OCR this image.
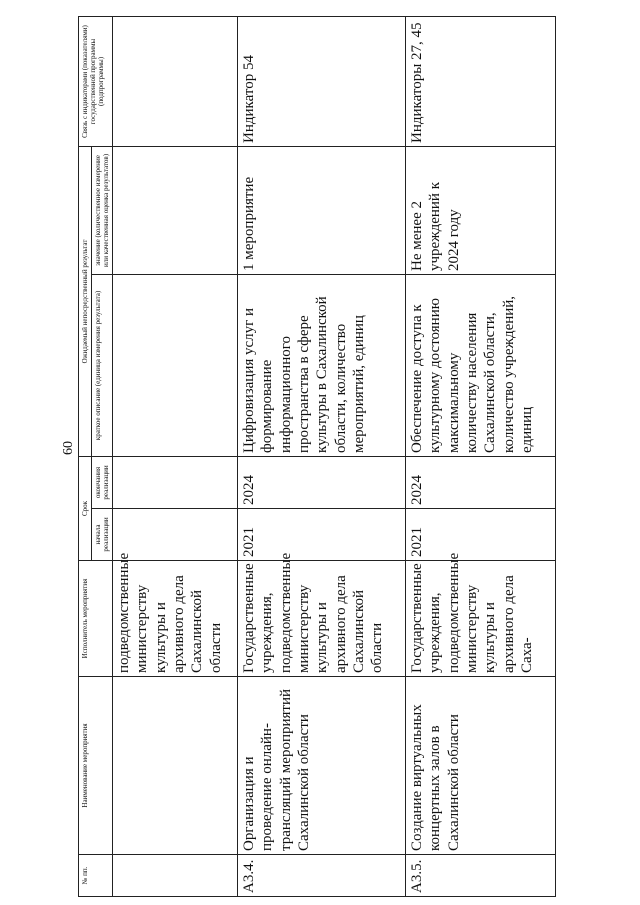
60
№ пп.	Наименование мероприятия	Исполнитель мероприятия	Срок		Ожидаемый непосредственный результат		Связь с индикаторами (показателями) государственной программы (подпрограммы)
			начала реализации	окончания реализации	краткое описание (единица измерения результата)	значение (количественное измерение или качественная оценка результатов)	
		подведомственные министерству культуры и архивного дела Сахалинской области					
А3.4.	Организация и проведение онлайн-трансляций мероприятий Сахалинской области	Государственные учреждения, подведомственные министерству культуры и архивного дела Сахалинской области	2021	2024	Цифровизация услуг и формирование информационного пространства в сфере культуры в Сахалинской области, количество мероприятий, единиц	1 мероприятие	Индикатор 54
А3.5.	Создание виртуальных концертных залов в Сахалинской области	Государственные учреждения, подведомственные министерству культуры и архивного дела Саха-	2021	2024	Обеспечение доступа к культурному достоянию максимальному количеству населения Сахалинской области, количество учреждений, единиц	Не менее 2 учреждений к 2024 году	Индикаторы 27, 45
